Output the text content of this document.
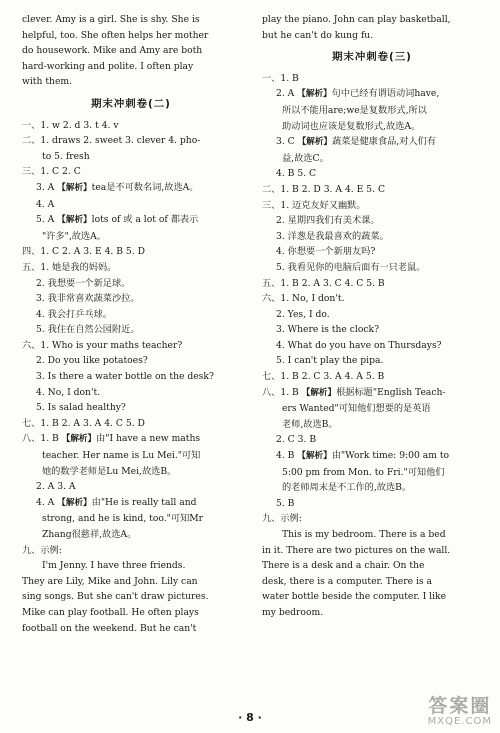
clever. Amy is a girl. She is shy. She is
helpful, too. She often helps her mother
do housework. Mike and Amy are both
hard-working and polite. I often play
with them.
期末冲刺卷(二)
一、1. w 2. d 3. t 4. v
二、1. draws 2. sweet 3. clever 4. pho-
to 5. fresh
三、1. C 2. C
3. A 【解析】tea是不可数名词,故选A。
4. A
5. A 【解析】lots of 或 a lot of 都表示
"许多",故选A。
四、1. C 2. A 3. E 4. B 5. D
五、1. 她是我的妈妈。
2. 我想要一个新足球。
3. 我非常喜欢蔬菜沙拉。
4. 我会打乒乓球。
5. 我住在自然公园附近。
六、1. Who is your maths teacher?
2. Do you like potatoes?
3. Is there a water bottle on the desk?
4. No, I don't.
5. Is salad healthy?
七、1. B 2. A 3. A 4. C 5. D
八、1. B 【解析】由"I have a new maths
teacher. Her name is Lu Mei."可知
她的数学老师是Lu Mei,故选B。
2. A 3. A
4. A 【解析】由"He is really tall and
strong, and he is kind, too."可知Mr
Zhang很慈祥,故选A。
九、示例:
I'm Jenny. I have three friends.
They are Lily, Mike and John. Lily can
sing songs. But she can't draw pictures.
Mike can play football. He often plays
football on the weekend. But he can't
play the piano. John can play basketball,
but he can't do kung fu.
期末冲刺卷(三)
一、1. B
2. A 【解析】句中已经有谓语动词have,
所以不能用are;we是复数形式,所以
助动词也应该是复数形式,故选A。
3. C 【解析】蔬菜是健康食品,对人们有
益,故选C。
4. B 5. C
二、1. B 2. D 3. A 4. E 5. C
三、1. 迈克友好又幽默。
2. 星期四我们有美术课。
3. 洋葱是我最喜欢的蔬菜。
4. 你想要一个新朋友吗?
5. 我看见你的电脑后面有一只老鼠。
五、1. B 2. A 3. C 4. C 5. B
六、1. No, I don't.
2. Yes, I do.
3. Where is the clock?
4. What do you have on Thursdays?
5. I can't play the pipa.
七、1. B 2. C 3. A 4. A 5. B
八、1. B 【解析】根据标题"English Teach-
ers Wanted"可知他们想要的是英语
老师,故选B。
2. C 3. B
4. B 【解析】由"Work time: 9:00 am to
5:00 pm from Mon. to Fri."可知他们
的老师周末是不工作的,故选B。
5. B
九、示例:
This is my bedroom. There is a bed
in it. There are two pictures on the wall.
There is a desk and a chair. On the
desk, there is a computer. There is a
water bottle beside the computer. I like
my bedroom.
· 8 ·
答案圈
MXQE.COM
